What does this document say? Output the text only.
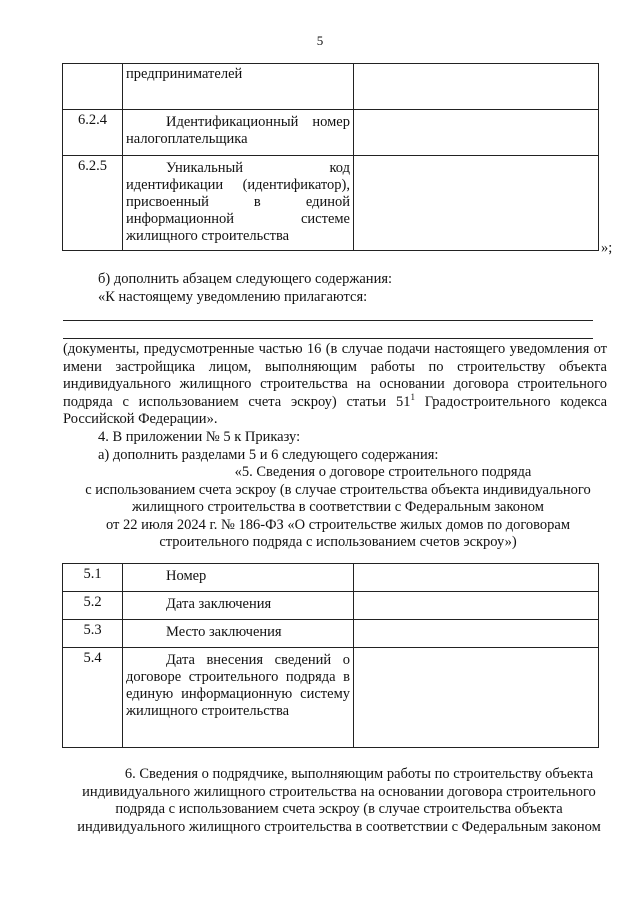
5
	предпринимателей	
6.2.4	Идентификационный номер налогоплательщика	

6.2.5	Уникальный код идентификации (идентификатор), присвоенный в единой информационной системе жилищного строительства	

»;
б) дополнить абзацем следующего содержания:
«К настоящему уведомлению прилагаются:
(документы, предусмотренные частью 16 (в случае подачи настоящего уведомления от имени застройщика лицом, выполняющим работы по строительству объекта индивидуального жилищного строительства на основании договора строительного подряда с использованием счета эскроу) статьи $51^1$ Градостроительного кодекса Российской Федерации».
4. В приложении № 5 к Приказу:
а) дополнить разделами 5 и 6 следующего содержания:
«5. Сведения о договоре строительного подряда
с использованием счета эскроу (в случае строительства объекта индивидуального
жилищного строительства в соответствии с Федеральным законом
от 22 июля 2024 г. № 186-ФЗ «О строительстве жилых домов по договорам
строительного подряда с использованием счетов эскроу»)
5.1	Номер	

5.2	Дата заключения	

5.3	Место заключения	

5.4	Дата внесения сведений о договоре строительного подряда в единую информационную систему жилищного строительства	

6. Сведения о подрядчике, выполняющим работы по строительству объекта индивидуального жилищного строительства на основании договора строительного подряда с использованием счета эскроу (в случае строительства объекта индивидуального жилищного строительства в соответствии с Федеральным законом
